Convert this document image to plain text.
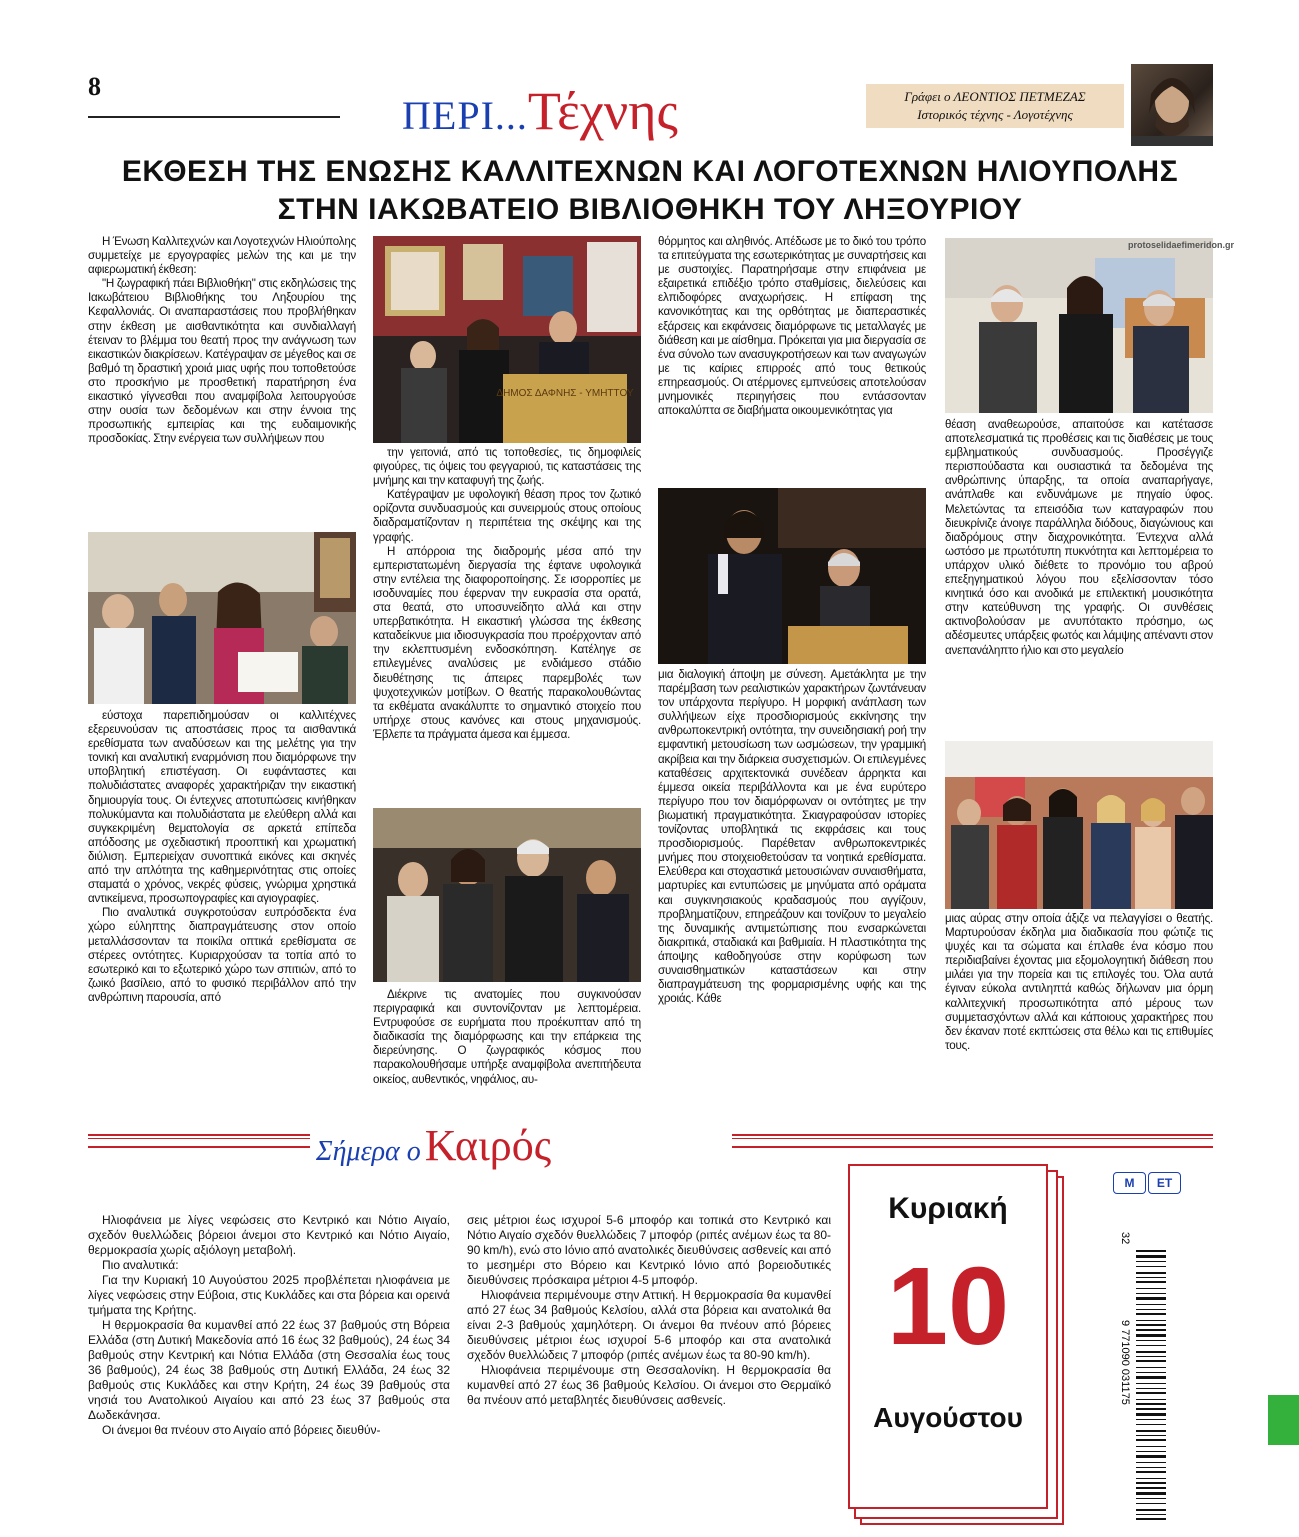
8
ΠΕΡΙ...Τέχνης	Γράφει ο ΛΕΟΝΤΙΟΣ ΠΕΤΜΕΖΑΣ
Ιστορικός τέχνης - Λογοτέχνης
ΕΚΘΕΣΗ ΤΗΣ ΕΝΩΣΗΣ ΚΑΛΛΙΤΕΧΝΩΝ ΚΑΙ ΛΟΓΟΤΕΧΝΩΝ ΗΛΙΟΥΠΟΛΗΣ
ΣΤΗΝ ΙΑΚΩΒΑΤΕΙΟ ΒΙΒΛΙΟΘΗΚΗ ΤΟΥ ΛΗΞΟΥΡΙΟΥ

Η Ένωση Καλλιτεχνών και Λογοτεχνών Ηλιούπολης συμμετείχε με εργογραφίες μελών της και με την αφιερωματική έκθεση:

"Η ζωγραφική πάει Βιβλιοθήκη" στις εκδηλώσεις της Ιακωβάτειου Βιβλιοθήκης του Ληξουρίου της Κεφαλλονιάς. Οι αναπαραστάσεις που προβλήθηκαν στην έκθεση με αισθαντικότητα και συνδιαλλαγή έτειναν το βλέμμα του θεατή προς την ανάγνωση των εικαστικών διακρίσεων. Κατέγραψαν σε μέγεθος και σε βαθμό τη δραστική χροιά μιας υφής που τοποθετούσε στο προσκήνιο με προσθετική παρατήρηση ένα εικαστικό γίγνεσθαι που αναμφίβολα λειτουργούσε στην ουσία των δεδομένων και στην έννοια της προσωπικής εμπειρίας και της ευδαιμονικής προσδοκίας. Στην ενέργεια των συλλήψεων που

εύστοχα παρεπιδημούσαν οι καλλιτέχνες εξερευνούσαν τις αποστάσεις προς τα αισθαντικά ερεθίσματα των αναδύσεων και της μελέτης για την τονική και αναλυτική εναρμόνιση που διαμόρφωνε την υποβλητική επιστέγαση. Οι ευφάνταστες και πολυδιάστατες αναφορές χαρακτήριζαν την εικαστική δημιουργία τους. Οι έντεχνες αποτυπώσεις κινήθηκαν πολυκύμαντα και πολυδιάστατα με ελεύθερη αλλά και συγκεκριμένη θεματολογία σε αρκετά επίπεδα απόδοσης με σχεδιαστική προοπτική και χρωματική διύλιση. Εμπεριείχαν συνοπτικά εικόνες και σκηνές από την απλότητα της καθημερινότητας στις οποίες σταματά ο χρόνος, νεκρές φύσεις, γνώριμα χρηστικά αντικείμενα, προσωπογραφίες και αγιογραφίες.

Πιο αναλυτικά συγκροτούσαν ευπρόσδεκτα ένα χώρο εύληπτης διαπραγμάτευσης στον οποίο μεταλλάσσονταν τα ποικίλα οπτικά ερεθίσματα σε στέρεες οντότητες. Κυριαρχούσαν τα τοπία από το εσωτερικό και το εξωτερικό χώρο των σπιτιών, από το ζωικό βασίλειο, από το φυσικό περιβάλλον από την ανθρώπινη παρουσία, από

ΔΗΜΟΣ ΔΑΦΝΗΣ - ΥΜΗΤΤΟΥ

την γειτονιά, από τις τοποθεσίες, τις δημοφιλείς φιγούρες, τις όψεις του φεγγαριού, τις καταστάσεις της μνήμης και την καταφυγή της ζωής.

Κατέγραψαν με υφολογική θέαση προς τον ζωτικό ορίζοντα συνδυασμούς και συνειρμούς στους οποίους διαδραματίζονταν η περιπέτεια της σκέψης και της γραφής.

Η απόρροια της διαδρομής μέσα από την εμπεριστατωμένη διεργασία της έφτανε υφολογικά στην εντέλεια της διαφοροποίησης. Σε ισορροπίες με ισοδυναμίες που έφερναν την ευκρασία στα ορατά, στα θεατά, στο υποσυνείδητο αλλά και στην υπερβατικότητα. Η εικαστική γλώσσα της έκθεσης καταδείκνυε μια ιδιοσυγκρασία που προέρχονταν από την εκλεπτυσμένη ενδοσκόπηση. Κατέληγε σε επιλεγμένες αναλύσεις με ενδιάμεσο στάδιο διευθέτησης τις άπειρες παρεμβολές των ψυχοτεχνικών μοτίβων. Ο θεατής παρακολουθώντας τα εκθέματα ανακάλυπτε το σημαντικό στοιχείο που υπήρχε στους κανόνες και στους μηχανισμούς. Έβλεπε τα πράγματα άμεσα και έμμεσα.

Διέκρινε τις ανατομίες που συγκινούσαν περιγραφικά και συντονίζονταν με λεπτομέρεια. Εντρυφούσε σε ευρήματα που προέκυπταν από τη διαδικασία της διαμόρφωσης και την επάρκεια της διερεύνησης. Ο ζωγραφικός κόσμος που παρακολουθήσαμε υπήρξε αναμφίβολα ανεπιτήδευτα οικείος, αυθεντικός, νηφάλιος, αυ-

θόρμητος και αληθινός. Απέδωσε με το δικό του τρόπο τα επιτεύγματα της εσωτερικότητας με συναρτήσεις και με συστοιχίες. Παρατηρήσαμε στην επιφάνεια με εξαιρετικά επιδέξιο τρόπο σταθμίσεις, διελεύσεις και ελπιδοφόρες αναχωρήσεις. Η επίφαση της κανονικότητας και της ορθότητας με διαπεραστικές εξάρσεις και εκφάνσεις διαμόρφωνε τις μεταλλαγές με διάθεση και με αίσθημα. Πρόκειται για μια διεργασία σε ένα σύνολο των ανασυγκροτήσεων και των αναγωγών με τις καίριες επιρροές από τους θετικούς επηρεασμούς. Οι ατέρμονες εμπνεύσεις αποτελούσαν μνημονικές περιηγήσεις που εντάσσονταν αποκαλύπτα σε διαβήματα οικουμενικότητας για

μια διαλογική άποψη με σύνεση. Αμετάκλητα με την παρέμβαση των ρεαλιστικών χαρακτήρων ζωντάνευαν τον υπάρχοντα περίγυρο. Η μορφική ανάπλαση των συλλήψεων είχε προσδιορισμούς εκκίνησης την ανθρωποκεντρική οντότητα, την συνειδησιακή ροή την εμφαντική μετουσίωση των ωσμώσεων, την γραμμική ακρίβεια και την διάρκεια συσχετισμών. Οι επιλεγμένες καταθέσεις αρχιτεκτονικά συνέδεαν άρρηκτα και έμμεσα οικεία περιβάλλοντα και με ένα ευρύτερο περίγυρο που τον διαμόρφωναν οι οντότητες με την βιωματική πραγματικότητα. Σκιαγραφούσαν ιστορίες τονίζοντας υποβλητικά τις εκφράσεις και τους προσδιορισμούς. Παρέθεταν ανθρωποκεντρικές μνήμες που στοιχειοθετούσαν τα νοητικά ερεθίσματα. Ελεύθερα και στοχαστικά μετουσιώναν συναισθήματα, μαρτυρίες και εντυπώσεις με μηνύματα από οράματα και συγκινησιακούς κραδασμούς που αγγίζουν, προβληματίζουν, επηρεάζουν και τονίζουν το μεγαλείο της δυναμικής αντιμετώπισης που ενσαρκώνεται διακριτικά, σταδιακά και βαθμιαία. Η πλαστικότητα της άποψης καθοδηγούσε στην κορύφωση των συναισθηματικών καταστάσεων και στην διαπραγμάτευση της φορμαρισμένης υφής και της χροιάς. Κάθε

protoselidaefimeridon.gr

θέαση αναθεωρούσε, απαιτούσε και κατέτασσε αποτελεσματικά τις προθέσεις και τις διαθέσεις με τους εμβληματικούς συνδυασμούς. Προσέγγιζε περισπούδαστα και ουσιαστικά τα δεδομένα της ανθρώπινης ύπαρξης, τα οποία αναπαρήγαγε, ανάπλαθε και ενδυνάμωνε με πηγαίο ύφος. Μελετώντας τα επεισόδια των καταγραφών που διευκρίνιζε άνοιγε παράλληλα διόδους, διαγώνιους και διαδρόμους στην διαχρονικότητα. Έντεχνα αλλά ωστόσο με πρωτότυπη πυκνότητα και λεπτομέρεια το υπάρχον υλικό διέθετε το προνόμιο του αβρού επεξηγηματικού λόγου που εξελίσσονταν τόσο κινητικά όσο και ανοδικά με επιλεκτική μουσικότητα στην κατεύθυνση της γραφής. Οι συνθέσεις ακτινοβολούσαν με ανυπότακτο πρόσημο, ως αδέσμευτες υπάρξεις φωτός και λάμψης απέναντι στον ανεπανάληπτο ήλιο και στο μεγαλείο

μιας αύρας στην οποία άξιζε να πελαγγίσει ο θεατής. Μαρτυρούσαν έκδηλα μια διαδικασία που φώτιζε τις ψυχές και τα σώματα και έπλαθε ένα κόσμο που περιδιαβαίνει έχοντας μια εξομολογητική διάθεση που μιλάει για την πορεία και τις επιλογές του. Όλα αυτά έγιναν εύκολα αντιληπτά καθώς δήλωναν μια όρμη καλλιτεχνική προσωπικότητα από μέρους των συμμετασχόντων αλλά και κάποιους χαρακτήρες που δεν έκαναν ποτέ εκπτώσεις στα θέλω και τις επιθυμίες τους.

Σήμερα ο Καιρός

Ηλιοφάνεια με λίγες νεφώσεις στο Κεντρικό και Νότιο Αιγαίο, σχεδόν θυελλώδεις βόρειοι άνεμοι στο Κεντρικό και Νότιο Αιγαίο, θερμοκρασία χωρίς αξιόλογη μεταβολή.

Πιο αναλυτικά:

Για την Κυριακή 10 Αυγούστου 2025 προβλέπεται ηλιοφάνεια με λίγες νεφώσεις στην Εύβοια, στις Κυκλάδες και στα βόρεια και ορεινά τμήματα της Κρήτης.

Η θερμοκρασία θα κυμανθεί από 22 έως 37 βαθμούς στη Βόρεια Ελλάδα (στη Δυτική Μακεδονία από 16 έως 32 βαθμούς), 24 έως 34 βαθμούς στην Κεντρική και Νότια Ελλάδα (στη Θεσσαλία έως τους 36 βαθμούς), 24 έως 38 βαθμούς στη Δυτική Ελλάδα, 24 έως 32 βαθμούς στις Κυκλάδες και στην Κρήτη, 24 έως 39 βαθμούς στα νησιά του Ανατολικού Αιγαίου και από 23 έως 37 βαθμούς στα Δωδεκάνησα.

Οι άνεμοι θα πνέουν στο Αιγαίο από βόρειες διευθύν-

σεις μέτριοι έως ισχυροί 5-6 μποφόρ και τοπικά στο Κεντρικό και Νότιο Αιγαίο σχεδόν θυελλώδεις 7 μποφόρ (ριπές ανέμων έως τα 80-90 km/h), ενώ στο Ιόνιο από ανατολικές διευθύνσεις ασθενείς και από το μεσημέρι στο Βόρειο και Κεντρικό Ιόνιο από βορειοδυτικές διευθύνσεις πρόσκαιρα μέτριοι 4-5 μποφόρ.

Ηλιοφάνεια περιμένουμε στην Αττική. Η θερμοκρασία θα κυμανθεί από 27 έως 34 βαθμούς Κελσίου, αλλά στα βόρεια και ανατολικά θα είναι 2-3 βαθμούς χαμηλότερη. Οι άνεμοι θα πνέουν από βόρειες διευθύνσεις μέτριοι έως ισχυροί 5-6 μποφόρ και στα ανατολικά σχεδόν θυελλώδεις 7 μποφόρ (ριπές ανέμων έως τα 80-90 km/h).

Ηλιοφάνεια περιμένουμε στη Θεσσαλονίκη. Η θερμοκρασία θα κυμανθεί από 27 έως 36 βαθμούς Κελσίου. Οι άνεμοι στο Θερμαϊκό θα πνέουν από μεταβλητές διευθύνσεις ασθενείς.

Κυριακή
10
Αυγούστου
Μ	ΕΤ
32
9 771090 031175
